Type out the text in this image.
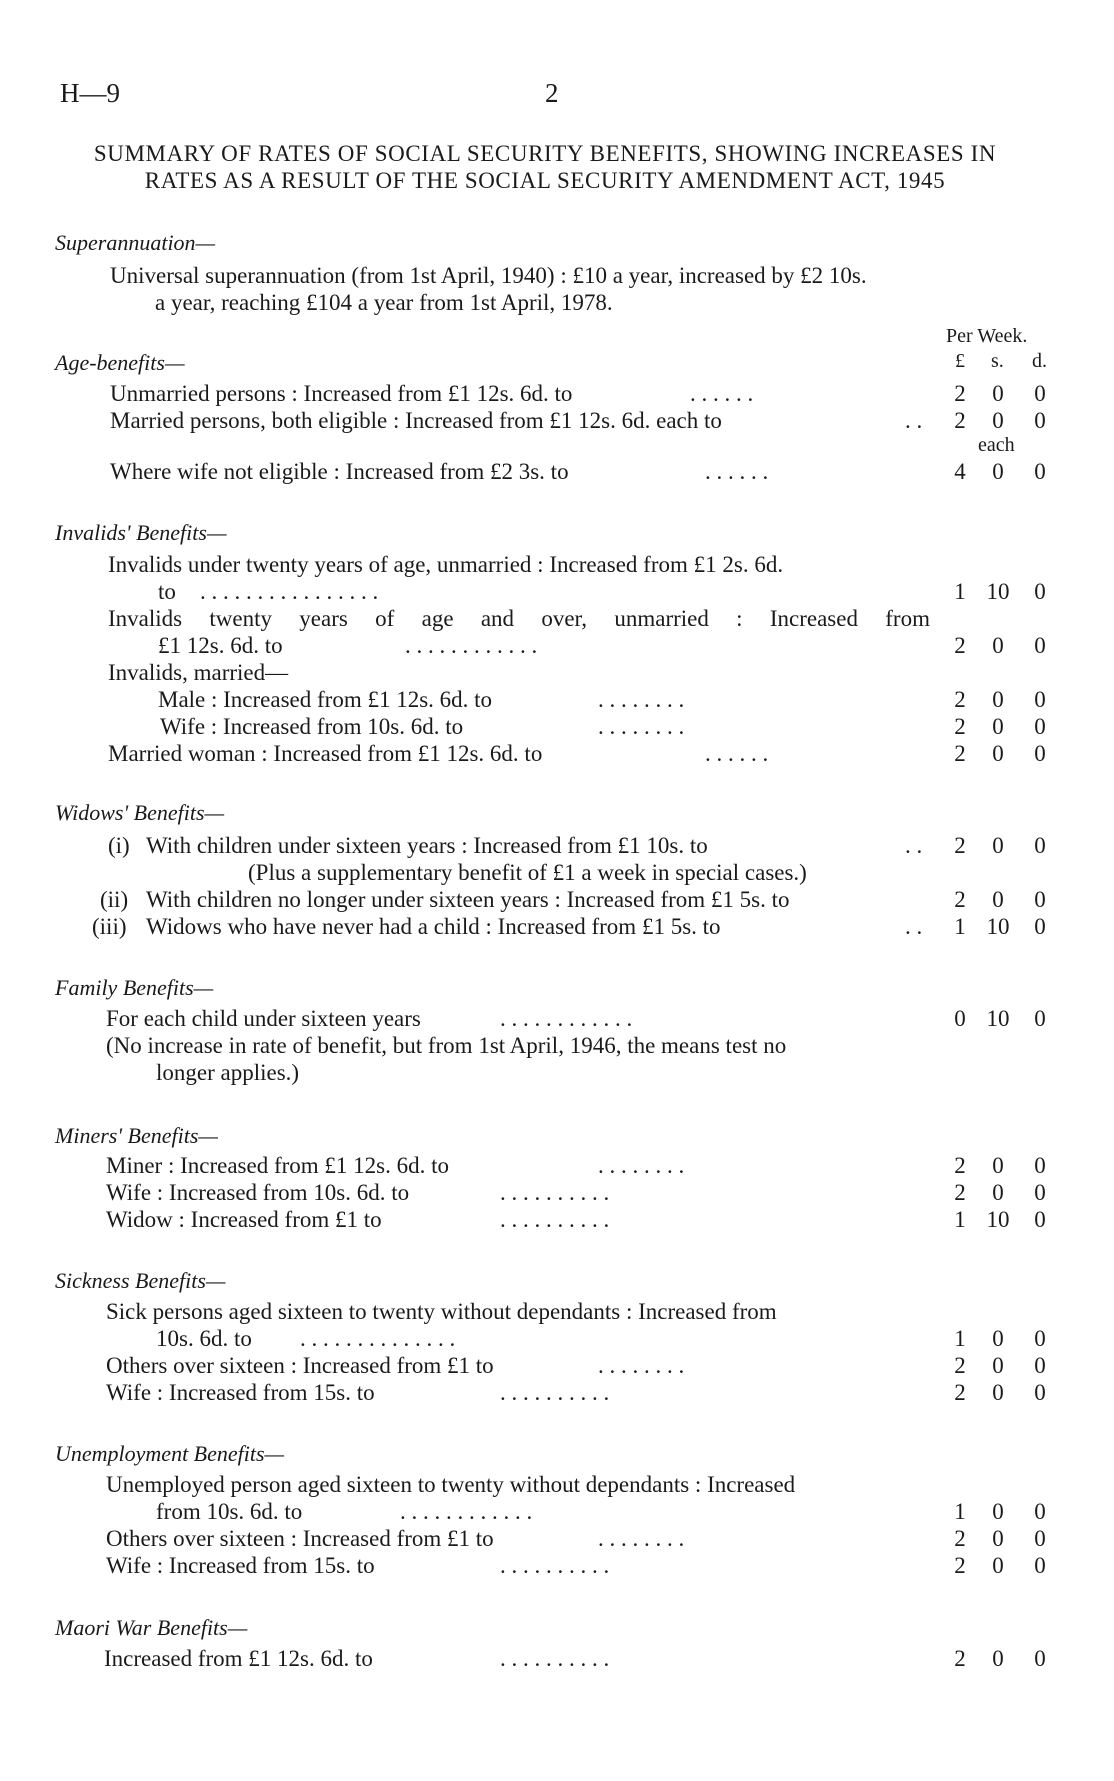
H—9	2
SUMMARY OF RATES OF SOCIAL SECURITY BENEFITS, SHOWING INCREASES IN RATES AS A RESULT OF THE SOCIAL SECURITY AMENDMENT ACT, 1945
Superannuation—
Universal superannuation (from 1st April, 1940) : £10 a year, increased by £2 10s.
a year, reaching £104 a year from 1st April, 1978.
Per Week.
£ s. d.
Age-benefits—
Unmarried persons : Increased from £1 12s. 6d. to	. . . . . .	2	0	0
Married persons, both eligible : Increased from £1 12s. 6d. each to	. .	2	0	0
each
Where wife not eligible : Increased from £2 3s. to	. . . . . .	4	0	0
Invalids' Benefits—
Invalids under twenty years of age, unmarried : Increased from £1 2s. 6d.
to . . . . . . . . . . . . . . . .	1 10	0
Invalids twenty years of age and over, unmarried : Increased from
£1 12s. 6d. to	. . . . . . . . . . . .	2	0	0
Invalids, married—
Male : Increased from £1 12s. 6d. to	. . . . . . . .	2	0	0
Wife : Increased from 10s. 6d. to	. . . . . . . .	2	0	0
Married woman : Increased from £1 12s. 6d. to	. . . . . .	2	0	0
Widows' Benefits—
(i) With children under sixteen years : Increased from £1 10s. to	. .	2	0	0
(Plus a supplementary benefit of £1 a week in special cases.)
(ii) With children no longer under sixteen years : Increased from £1 5s. to	2	0	0
(iii) Widows who have never had a child : Increased from £1 5s. to	. .	1 10	0
Family Benefits—
For each child under sixteen years	. . . . . . . . . . . .	0 10	0
(No increase in rate of benefit, but from 1st April, 1946, the means test no
longer applies.)
Miners' Benefits—
Miner : Increased from £1 12s. 6d. to	. . . . . . . .	2	0	0
Wife : Increased from 10s. 6d. to	. . . . . . . . . .	2	0	0
Widow : Increased from £1 to	. . . . . . . . . .	1 10	0
Sickness Benefits—
Sick persons aged sixteen to twenty without dependants : Increased from
10s. 6d. to . . . . . . . . . . . . . .	1	0	0
Others over sixteen : Increased from £1 to	. . . . . . . .	2	0	0
Wife : Increased from 15s. to	. . . . . . . . . .	2	0	0
Unemployment Benefits—
Unemployed person aged sixteen to twenty without dependants : Increased
from 10s. 6d. to	. . . . . . . . . . . .	1	0	0
Others over sixteen : Increased from £1 to	. . . . . . . .	2	0	0
Wife : Increased from 15s. to	. . . . . . . . . .	2	0	0
Maori War Benefits—
Increased from £1 12s. 6d. to	. . . . . . . . . .	2	0	0
